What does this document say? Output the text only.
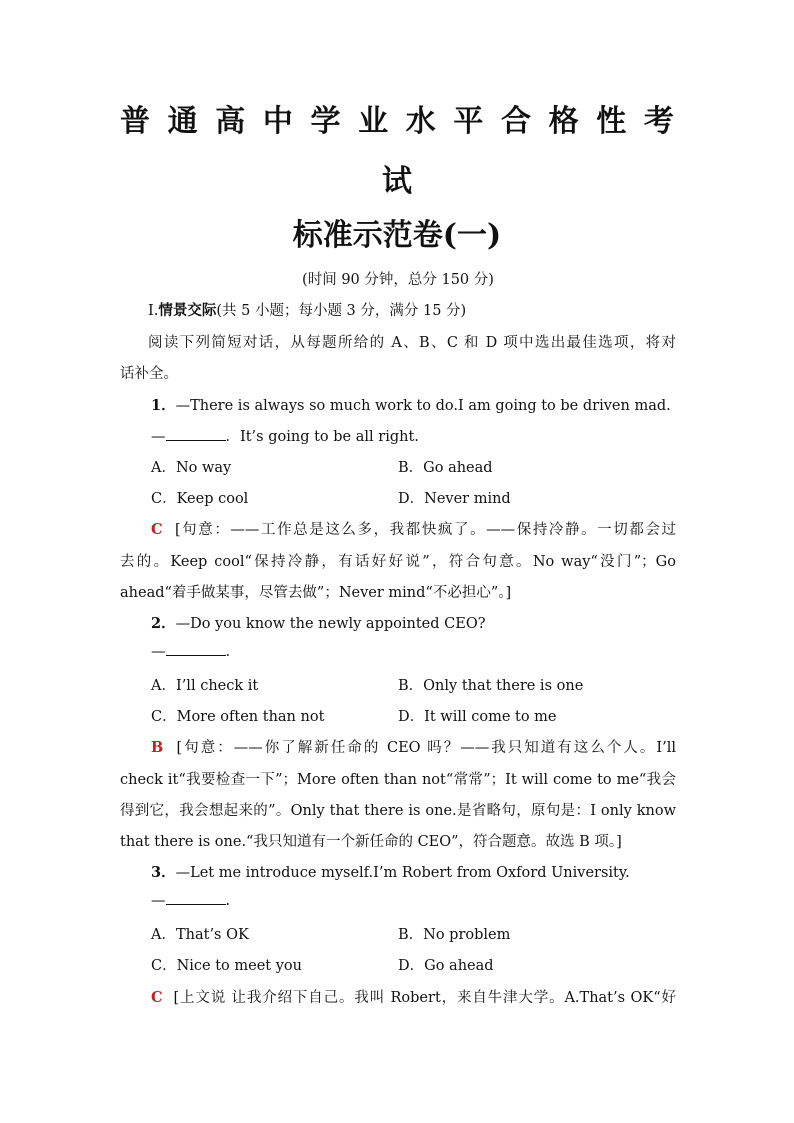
普 通 高 中 学 业 水 平 合 格 性 考
试
标准示范卷(一)
(时间 90 分钟，总分 150 分)
Ⅰ.情景交际(共 5 小题；每小题 3 分，满分 15 分)
阅读下列简短对话，从每题所给的 A、B、C 和 D 项中选出最佳选项，将对
话补全。
1．—There is always so much work to do.I am going to be driven mad.
—	．It’s going to be all right.
A．No way	B．Go ahead
C．Keep cool	D．Never mind
C [句意：——工作总是这么多，我都快疯了。——保持冷静。一切都会过
去的。Keep cool“保持冷静，有话好好说”，符合句意。No way“没门”；Go
ahead“着手做某事，尽管去做”；Never mind“不必担心”。]
2．—Do you know the newly appointed CEO?
—	.
A．I’ll check it	B．Only that there is one
C．More often than not	D．It will come to me
B [句意：——你了解新任命的 CEO 吗？——我只知道有这么个人。I’ll
check it“我要检查一下”；More often than not“常常”；It will come to me“我会
得到它，我会想起来的”。Only that there is one.是省略句，原句是：I only know
that there is one.“我只知道有一个新任命的 CEO”，符合题意。故选 B 项。]
3．—Let me introduce myself.I’m Robert from Oxford University.
—	.
A．That’s OK	B．No problem
C．Nice to meet you	D．Go ahead
C [上文说 让我介绍下自己。我叫 Robert，来自牛津大学。A.That’s OK“好
